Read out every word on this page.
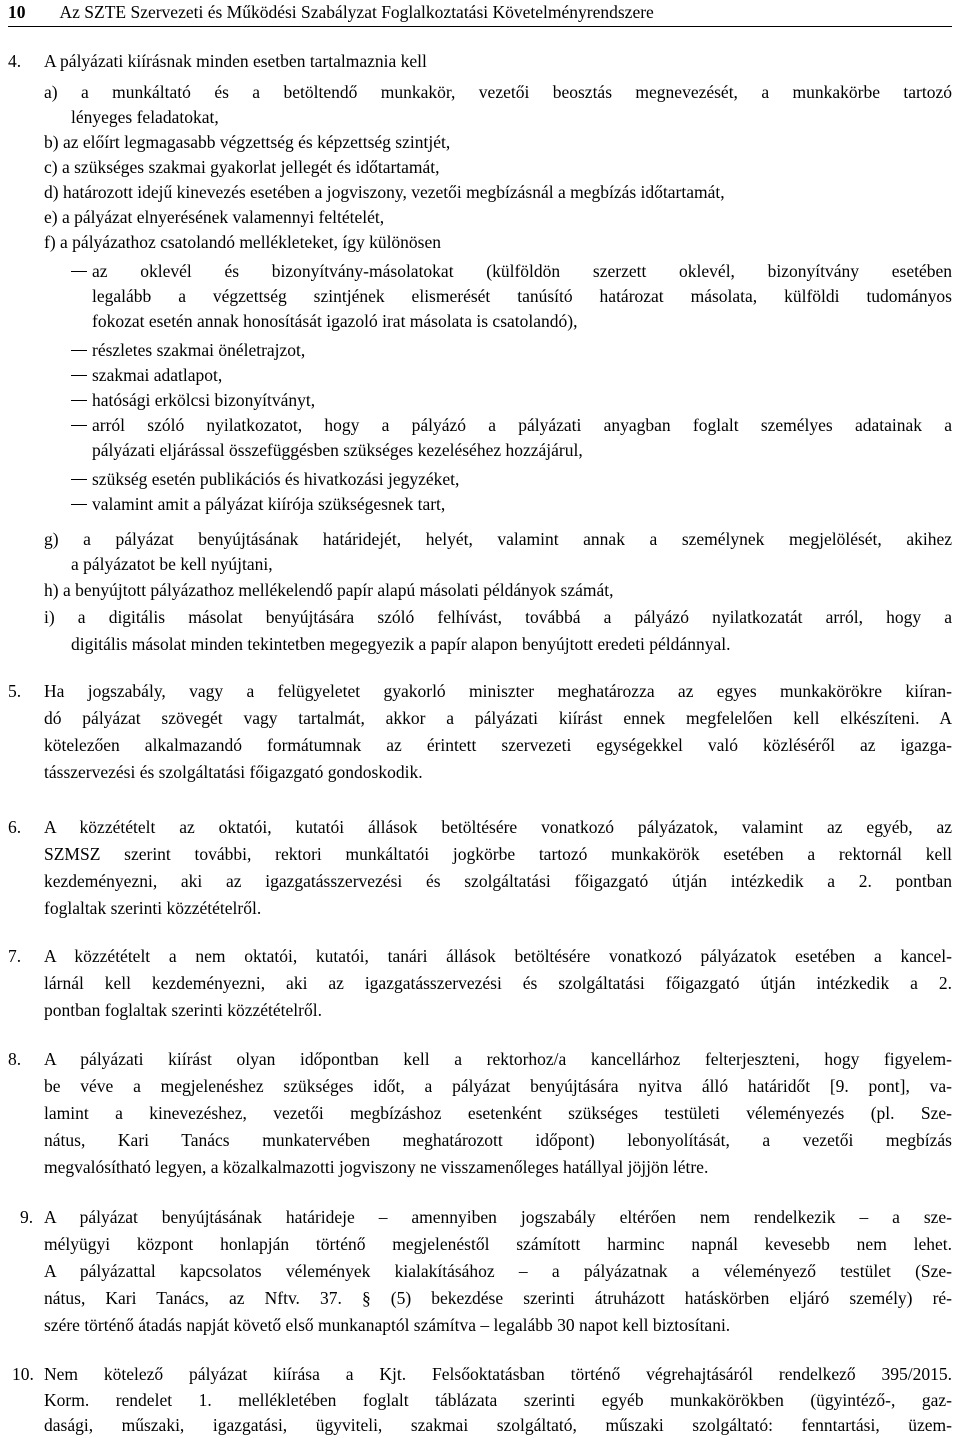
10 Az SZTE Szervezeti és Működési Szabályzat Foglalkoztatási Követelményrendszere
4. A pályázati kiírásnak minden esetben tartalmaznia kell
a) a munkáltató és a betöltendő munkakör, vezetői beosztás megnevezését, a munkakörbe tartozó
lényeges feladatokat,
b) az előírt legmagasabb végzettség és képzettség szintjét,
c) a szükséges szakmai gyakorlat jellegét és időtartamát,
d) határozott idejű kinevezés esetében a jogviszony, vezetői megbízásnál a megbízás időtartamát,
e) a pályázat elnyerésének valamennyi feltételét,
f) a pályázathoz csatolandó mellékleteket, így különösen
az oklevél és bizonyítvány-másolatokat (külföldön szerzett oklevél, bizonyítvány esetében
legalább a végzettség szintjének elismerését tanúsító határozat másolata, külföldi tudományos
fokozat esetén annak honosítását igazoló irat másolata is csatolandó),
részletes szakmai önéletrajzot,
szakmai adatlapot,
hatósági erkölcsi bizonyítványt,
arról szóló nyilatkozatot, hogy a pályázó a pályázati anyagban foglalt személyes adatainak a
pályázati eljárással összefüggésben szükséges kezeléséhez hozzájárul,
szükség esetén publikációs és hivatkozási jegyzéket,
valamint amit a pályázat kiírója szükségesnek tart,
g) a pályázat benyújtásának határidejét, helyét, valamint annak a személynek megjelölését, akihez
a pályázatot be kell nyújtani,
h) a benyújtott pályázathoz mellékelendő papír alapú másolati példányok számát,
i) a digitális másolat benyújtására szóló felhívást, továbbá a pályázó nyilatkozatát arról, hogy a
digitális másolat minden tekintetben megegyezik a papír alapon benyújtott eredeti példánnyal.
5. Ha jogszabály, vagy a felügyeletet gyakorló miniszter meghatározza az egyes munkakörökre kiíran-
dó pályázat szövegét vagy tartalmát, akkor a pályázati kiírást ennek megfelelően kell elkészíteni. A
kötelezően alkalmazandó formátumnak az érintett szervezeti egységekkel való közléséről az igazga-
tásszervezési és szolgáltatási főigazgató gondoskodik.
6. A közzétételt az oktatói, kutatói állások betöltésére vonatkozó pályázatok, valamint az egyéb, az
SZMSZ szerint további, rektori munkáltatói jogkörbe tartozó munkakörök esetében a rektornál kell
kezdeményezni, aki az igazgatásszervezési és szolgáltatási főigazgató útján intézkedik a 2. pontban
foglaltak szerinti közzétételről.
7. A közzétételt a nem oktatói, kutatói, tanári állások betöltésére vonatkozó pályázatok esetében a kancel-
lárnál kell kezdeményezni, aki az igazgatásszervezési és szolgáltatási főigazgató útján intézkedik a 2.
pontban foglaltak szerinti közzétételről.
8. A pályázati kiírást olyan időpontban kell a rektorhoz/a kancellárhoz felterjeszteni, hogy figyelem-
be véve a megjelenéshez szükséges időt, a pályázat benyújtására nyitva álló határidőt [9. pont], va-
lamint a kinevezéshez, vezetői megbízáshoz esetenként szükséges testületi véleményezés (pl. Sze-
nátus, Kari Tanács munkatervében meghatározott időpont) lebonyolítását, a vezetői megbízás
megvalósítható legyen, a közalkalmazotti jogviszony ne visszamenőleges hatállyal jöjjön létre.
9. A pályázat benyújtásának határideje – amennyiben jogszabály eltérően nem rendelkezik – a sze-
mélyügyi központ honlapján történő megjelenéstől számított harminc napnál kevesebb nem lehet.
A pályázattal kapcsolatos vélemények kialakításához – a pályázatnak a véleményező testület (Sze-
nátus, Kari Tanács, az Nftv. 37. § (5) bekezdése szerinti átruházott hatáskörben eljáró személy) ré-
szére történő átadás napját követő első munkanaptól számítva – legalább 30 napot kell biztosítani.
10. Nem kötelező pályázat kiírása a Kjt. Felsőoktatásban történő végrehajtásáról rendelkező 395/2015.
Korm. rendelet 1. mellékletében foglalt táblázata szerinti egyéb munkakörökben (ügyintéző-, gaz-
dasági, műszaki, igazgatási, ügyviteli, szakmai szolgáltató, műszaki szolgáltató: fenntartási, üzem-
